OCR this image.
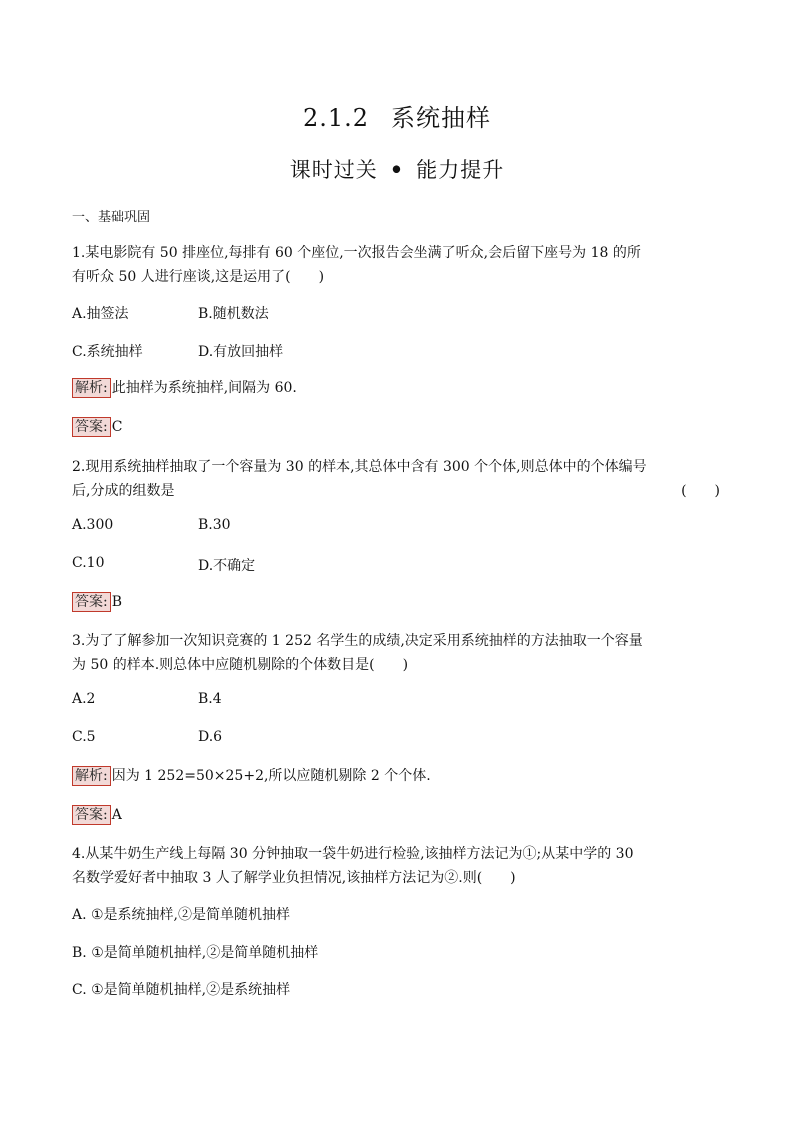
2.1.2 系统抽样
课时过关 • 能力提升
一、基础巩固
1.某电影院有 50 排座位,每排有 60 个座位,一次报告会坐满了听众,会后留下座号为 18 的所
有听众 50 人进行座谈,这是运用了(　　)
A.抽签法	B.随机数法
C.系统抽样	D.有放回抽样
解析: 此抽样为系统抽样,间隔为 60.
答案: C
2.现用系统抽样抽取了一个容量为 30 的样本,其总体中含有 300 个个体,则总体中的个体编号
后,分成的组数是	(　　)
A.300	B.30
C.10	D.不确定
答案: B
3.为了了解参加一次知识竞赛的 1 252 名学生的成绩,决定采用系统抽样的方法抽取一个容量
为 50 的样本.则总体中应随机剔除的个体数目是(　　)
A.2	B.4
C.5	D.6
解析: 因为 1 252=50×25+2,所以应随机剔除 2 个个体.
答案: A
4.从某牛奶生产线上每隔 30 分钟抽取一袋牛奶进行检验,该抽样方法记为①;从某中学的 30
名数学爱好者中抽取 3 人了解学业负担情况,该抽样方法记为②.则(　　)
A. ①是系统抽样,②是简单随机抽样
B. ①是简单随机抽样,②是简单随机抽样
C. ①是简单随机抽样,②是系统抽样
